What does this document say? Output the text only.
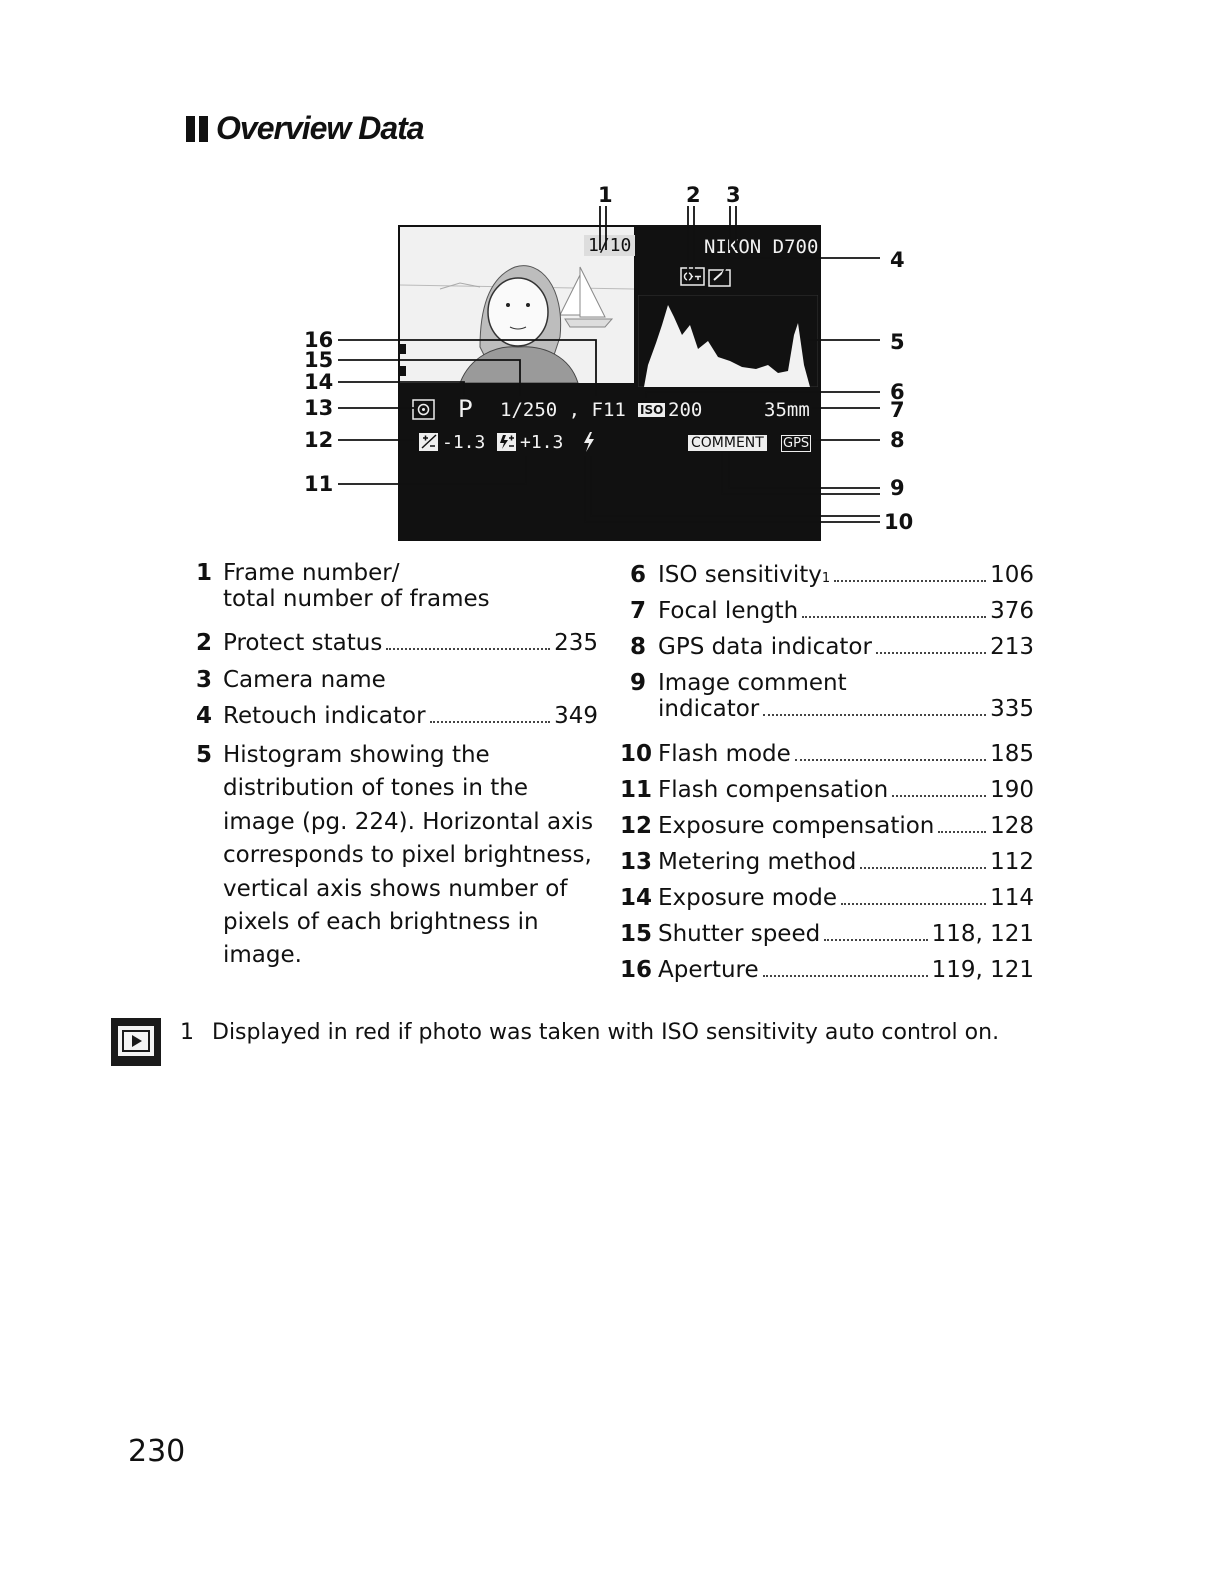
Overview Data
1/10	NIKON D700
P 1/250 , F11 ISO 200	35mm
-1.3 +1.3	COMMENT GPS
1	2 3
4
5
6
7
8
9
10
11
12
13
14
15
16
1 Frame number/
total number of frames
2 Protect status	235
3 Camera name
4 Retouch indicator	349
5 Histogram showing the
distribution of tones in the
image (pg. 224). Horizontal axis
corresponds to pixel brightness,
vertical axis shows number of
pixels of each brightness in
image.
6 ISO sensitivity 1	106
7 Focal length	376
8 GPS data indicator	213
9 Image comment
indicator	335
10 Flash mode	185
11 Flash compensation	190
12 Exposure compensation 128
13 Metering method	112
14 Exposure mode	114
15 Shutter speed	118, 121
16 Aperture	119, 121
1 Displayed in red if photo was taken with ISO sensitivity auto control on.
230
